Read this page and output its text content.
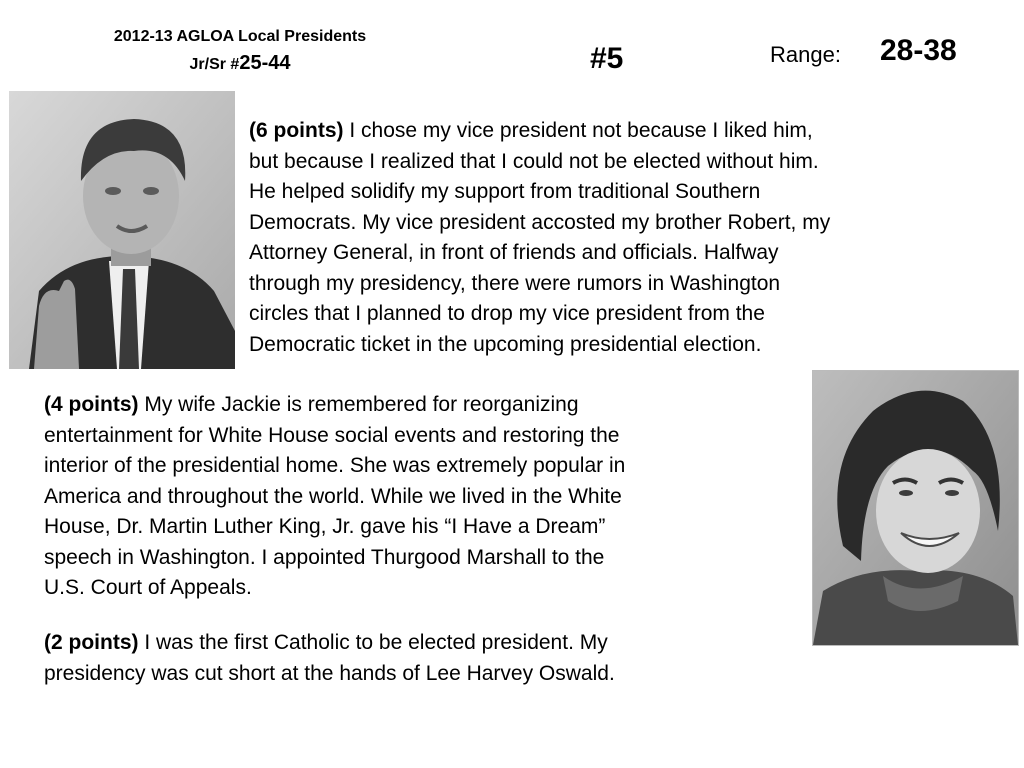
2012-13 AGLOA Local Presidents
Jr/Sr #25-44	#5	Range: 28-38
(6 points) I chose my vice president not because I liked him,
but because I realized that I could not be elected without him.
He helped solidify my support from traditional Southern
Democrats. My vice president accosted my brother Robert, my
Attorney General, in front of friends and officials. Halfway
through my presidency, there were rumors in Washington
circles that I planned to drop my vice president from the
Democratic ticket in the upcoming presidential election.
(4 points) My wife Jackie is remembered for reorganizing
entertainment for White House social events and restoring the
interior of the presidential home. She was extremely popular in
America and throughout the world. While we lived in the White
House, Dr. Martin Luther King, Jr. gave his “I Have a Dream”
speech in Washington. I appointed Thurgood Marshall to the
U.S. Court of Appeals.
(2 points) I was the first Catholic to be elected president. My
presidency was cut short at the hands of Lee Harvey Oswald.
